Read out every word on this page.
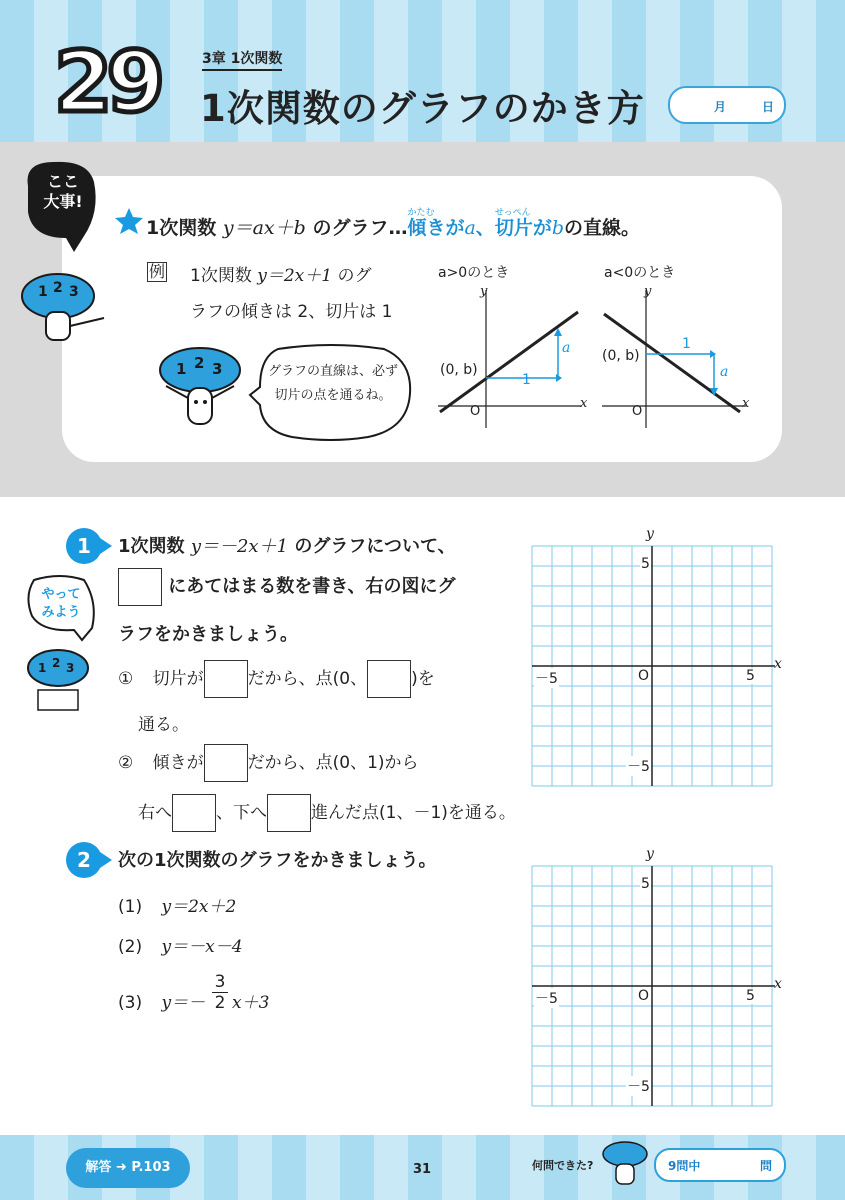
29	3章 1次関数
1次関数のグラフのかき方	月	日
1 2 3
ここ
大事!
1次関数 y＝ax＋b のグラフ…
かたむ
傾きがa、
せっぺん
切片がbの直線。
例 1次関数 y＝2x＋1 のグ
ラフの傾きは 2、切片は 1
1 2 3	グラフの直線は、必ず切片の点を通るね。
a>0のとき
y
x
O
(0, b)
1
a
a<0のとき
y
x
O
(0, b)
1
a
1
1 2 3
やって
みよう
1次関数 y＝－2x＋1 のグラフについて、
にあてはまる数を書き、右の図にグ
ラフをかきましょう。
① 切片が	だから、点(0、	)を
通る。
② 傾きが	だから、点(0、1)から
右へ	、下へ	進んだ点(1、－1)を通る。
2	次の1次関数のグラフをかきましょう。
(1) y＝2x＋2
(2) y＝－x－4
(3) $y=- \frac{3}{2} x+3$
y
x
5
－5
－5	5
O
y
x
5
－5
－5	5
O
解答 ➜ P.103	31	何問できた?	9問中	問
